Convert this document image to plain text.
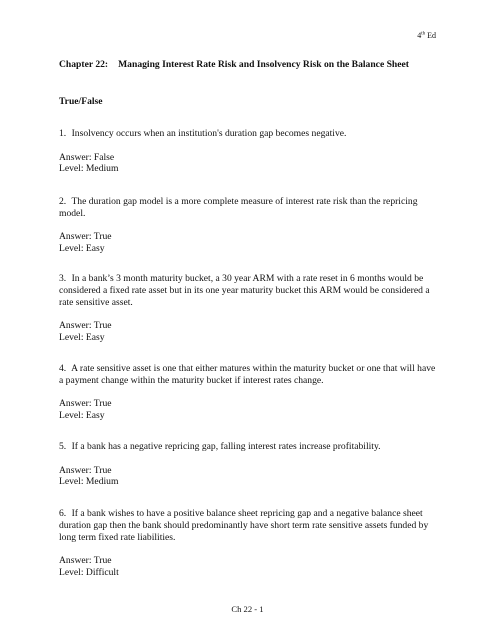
4th Ed
Chapter 22: Managing Interest Rate Risk and Insolvency Risk on the Balance Sheet
True/False

1. Insolvency occurs when an institution's duration gap becomes negative.

Answer: False
Level: Medium

2. The duration gap model is a more complete measure of interest rate risk than the repricing model.

Answer: True
Level: Easy

3. In a bank’s 3 month maturity bucket, a 30 year ARM with a rate reset in 6 months would be considered a fixed rate asset but in its one year maturity bucket this ARM would be considered a rate sensitive asset.

Answer: True
Level: Easy

4. A rate sensitive asset is one that either matures within the maturity bucket or one that will have a payment change within the maturity bucket if interest rates change.

Answer: True
Level: Easy

5. If a bank has a negative repricing gap, falling interest rates increase profitability.

Answer: True
Level: Medium

6. If a bank wishes to have a positive balance sheet repricing gap and a negative balance sheet duration gap then the bank should predominantly have short term rate sensitive assets funded by long term fixed rate liabilities.

Answer: True
Level: Difficult
Ch 22 - 1
